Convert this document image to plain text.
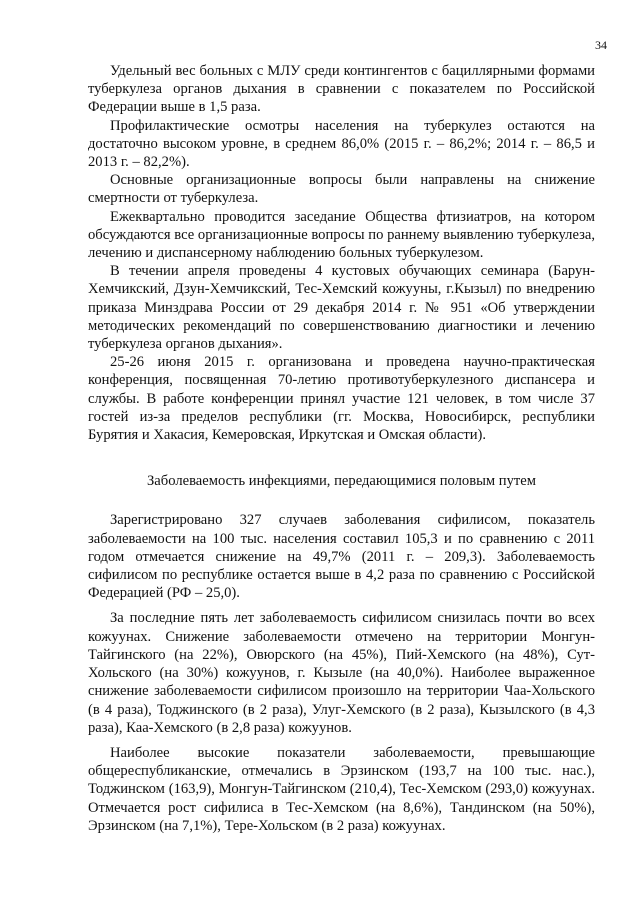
34

Удельный вес больных с МЛУ среди контингентов с бациллярными формами туберкулеза органов дыхания в сравнении с показателем по Российской Федерации выше в 1,5 раза.

Профилактические осмотры населения на туберкулез остаются на достаточно высоком уровне, в среднем 86,0% (2015 г. – 86,2%; 2014 г. – 86,5 и 2013 г. – 82,2%).

Основные организационные вопросы были направлены на снижение смертности от туберкулеза.

Ежеквартально проводится заседание Общества фтизиатров, на котором обсуждаются все организационные вопросы по раннему выявлению туберкулеза, лечению и диспансерному наблюдению больных туберкулезом.

В течении апреля проведены 4 кустовых обучающих семинара (Барун-Хемчикский, Дзун-Хемчикский, Тес-Хемский кожууны, г.Кызыл) по внедрению приказа Минздрава России от 29 декабря 2014 г. № 951 «Об утверждении методических рекомендаций по совершенствованию диагностики и лечению туберкулеза органов дыхания».

25-26 июня 2015 г. организована и проведена научно-практическая конференция, посвященная 70-летию противотуберкулезного диспансера и службы. В работе конференции принял участие 121 человек, в том числе 37 гостей из-за пределов республики (гг. Москва, Новосибирск, республики Бурятия и Хакасия, Кемеровская, Иркутская и Омская области).

Заболеваемость инфекциями, передающимися половым путем

Зарегистрировано 327 случаев заболевания сифилисом, показатель заболеваемости на 100 тыс. населения составил 105,3 и по сравнению с 2011 годом отмечается снижение на 49,7% (2011 г. – 209,3). Заболеваемость сифилисом по республике остается выше в 4,2 раза по сравнению с Российской Федерацией (РФ – 25,0).

За последние пять лет заболеваемость сифилисом снизилась почти во всех кожуунах. Снижение заболеваемости отмечено на территории Монгун-Тайгинского (на 22%), Овюрского (на 45%), Пий-Хемского (на 48%), Сут-Хольского (на 30%) кожуунов, г. Кызыле (на 40,0%). Наиболее выраженное снижение заболеваемости сифилисом произошло на территории Чаа-Хольского (в 4 раза), Тоджинского (в 2 раза), Улуг-Хемского (в 2 раза), Кызылского (в 4,3 раза), Каа-Хемского (в 2,8 раза) кожуунов.

Наиболее высокие показатели заболеваемости, превышающие общереспубликанские, отмечались в Эрзинском (193,7 на 100 тыс. нас.), Тоджинском (163,9), Монгун-Тайгинском (210,4), Тес-Хемском (293,0) кожуунах. Отмечается рост сифилиса в Тес-Хемском (на 8,6%), Тандинском (на 50%), Эрзинском (на 7,1%), Тере-Хольском (в 2 раза) кожуунах.
